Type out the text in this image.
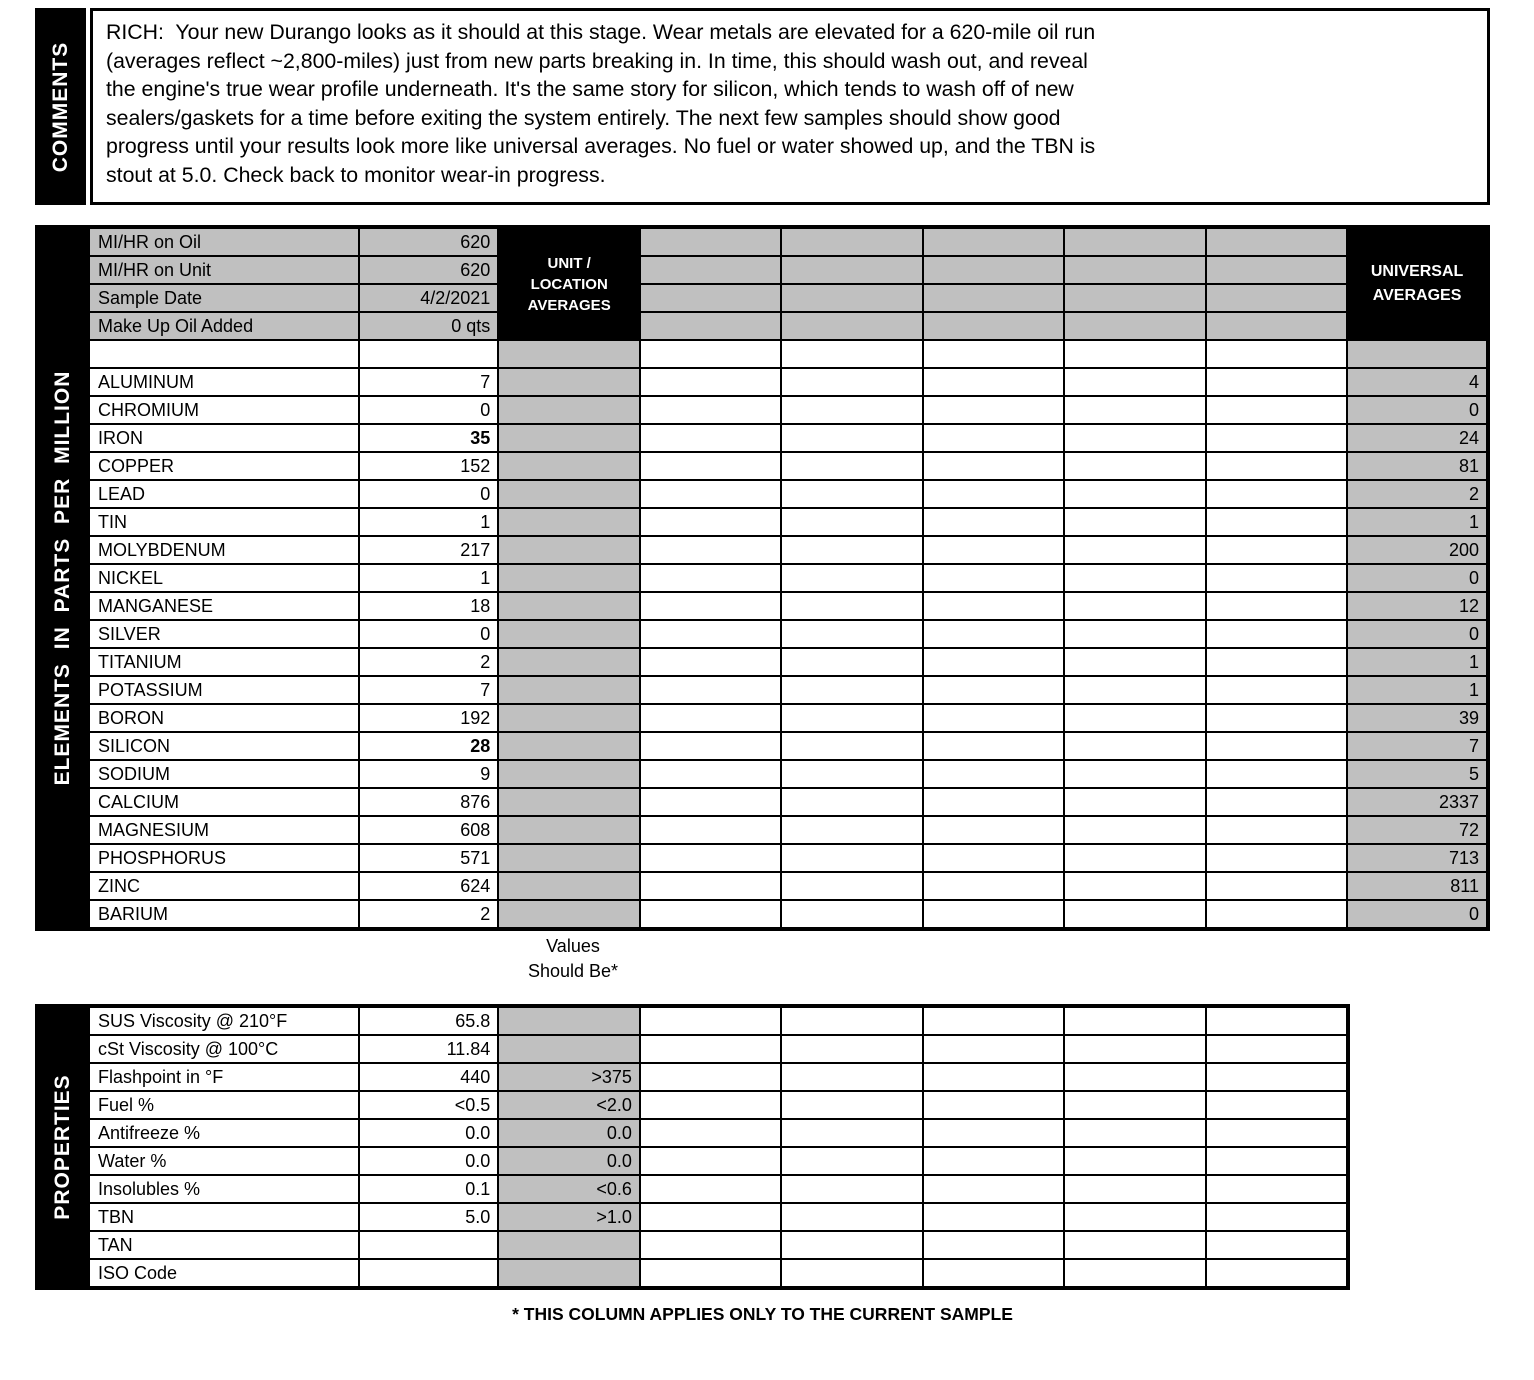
COMMENTS
RICH:  Your new Durango looks as it should at this stage. Wear metals are elevated for a 620-mile oil run
(averages reflect ~2,800-miles) just from new parts breaking in. In time, this should wash out, and reveal
the engine's true wear profile underneath. It's the same story for silicon, which tends to wash off of new
sealers/gaskets for a time before exiting the system entirely. The next few samples should show good
progress until your results look more like universal averages. No fuel or water showed up, and the TBN is
stout at 5.0. Check back to monitor wear-in progress.
ELEMENTS IN PARTS PER MILLION
MI/HR on Oil	620	UNIT /
LOCATION
AVERAGES						UNIVERSAL
AVERAGES
MI/HR on Unit	620							
Sample Date	4/2/2021							
Make Up Oil Added	0 qts							

ALUMINUM	7							4
CHROMIUM	0							0
IRON	35							24
COPPER	152							81
LEAD	0							2
TIN	1							1
MOLYBDENUM	217							200
NICKEL	1							0
MANGANESE	18							12
SILVER	0							0
TITANIUM	2							1
POTASSIUM	7							1
BORON	192							39
SILICON	28							7
SODIUM	9							5
CALCIUM	876							2337
MAGNESIUM	608							72
PHOSPHORUS	571							713
ZINC	624							811
BARIUM	2							0
Values
Should Be*
PROPERTIES
SUS Viscosity @ 210°F	65.8						
cSt Viscosity @ 100°C	11.84						
Flashpoint in °F	440	>375					
Fuel %	<0.5	<2.0					
Antifreeze %	0.0	0.0					
Water %	0.0	0.0					
Insolubles %	0.1	<0.6					
TBN	5.0	>1.0					
TAN							
ISO Code							
* THIS COLUMN APPLIES ONLY TO THE CURRENT SAMPLE
